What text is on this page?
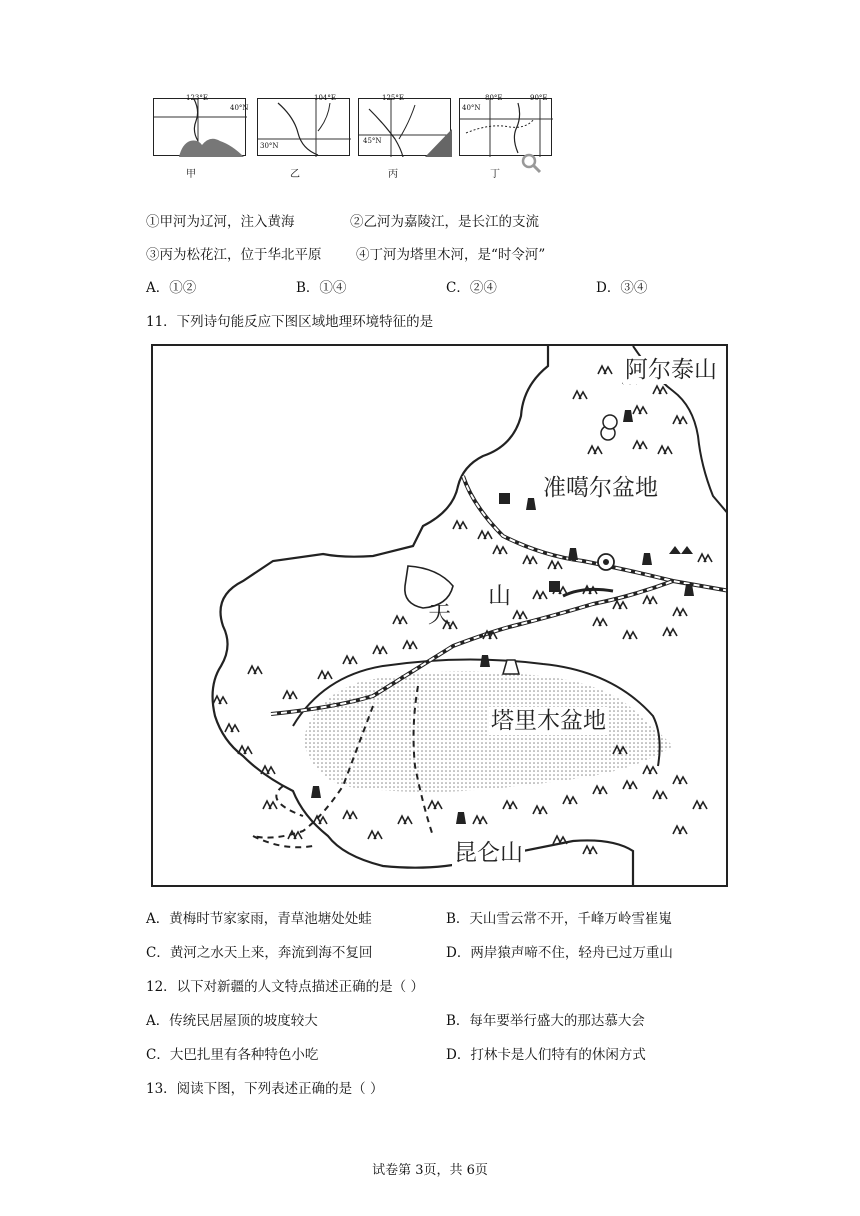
123°E
40°N
104°E
30°N
125°E
45°N
80°E	90°E
40°N
甲	乙	丙	丁
①甲河为辽河，注入黄海	②乙河为嘉陵江，是长江的支流
③丙为松花江，位于华北平原	④丁河为塔里木河，是“时令河”
A．①②	B．①④	C．②④	D．③④
11．下列诗句能反应下图区域地理环境特征的是
阿尔泰山
准噶尔盆地
天
山
塔里木盆地
昆仑山
A．黄梅时节家家雨，青草池塘处处蛙	B．天山雪云常不开，千峰万岭雪崔嵬
C．黄河之水天上来，奔流到海不复回	D．两岸猿声啼不住，轻舟已过万重山
12．以下对新疆的人文特点描述正确的是（ ）
A．传统民居屋顶的坡度较大	B．每年要举行盛大的那达慕大会
C．大巴扎里有各种特色小吃	D．打林卡是人们特有的休闲方式
13．阅读下图，下列表述正确的是（ ）
试卷第 3页，共 6页
